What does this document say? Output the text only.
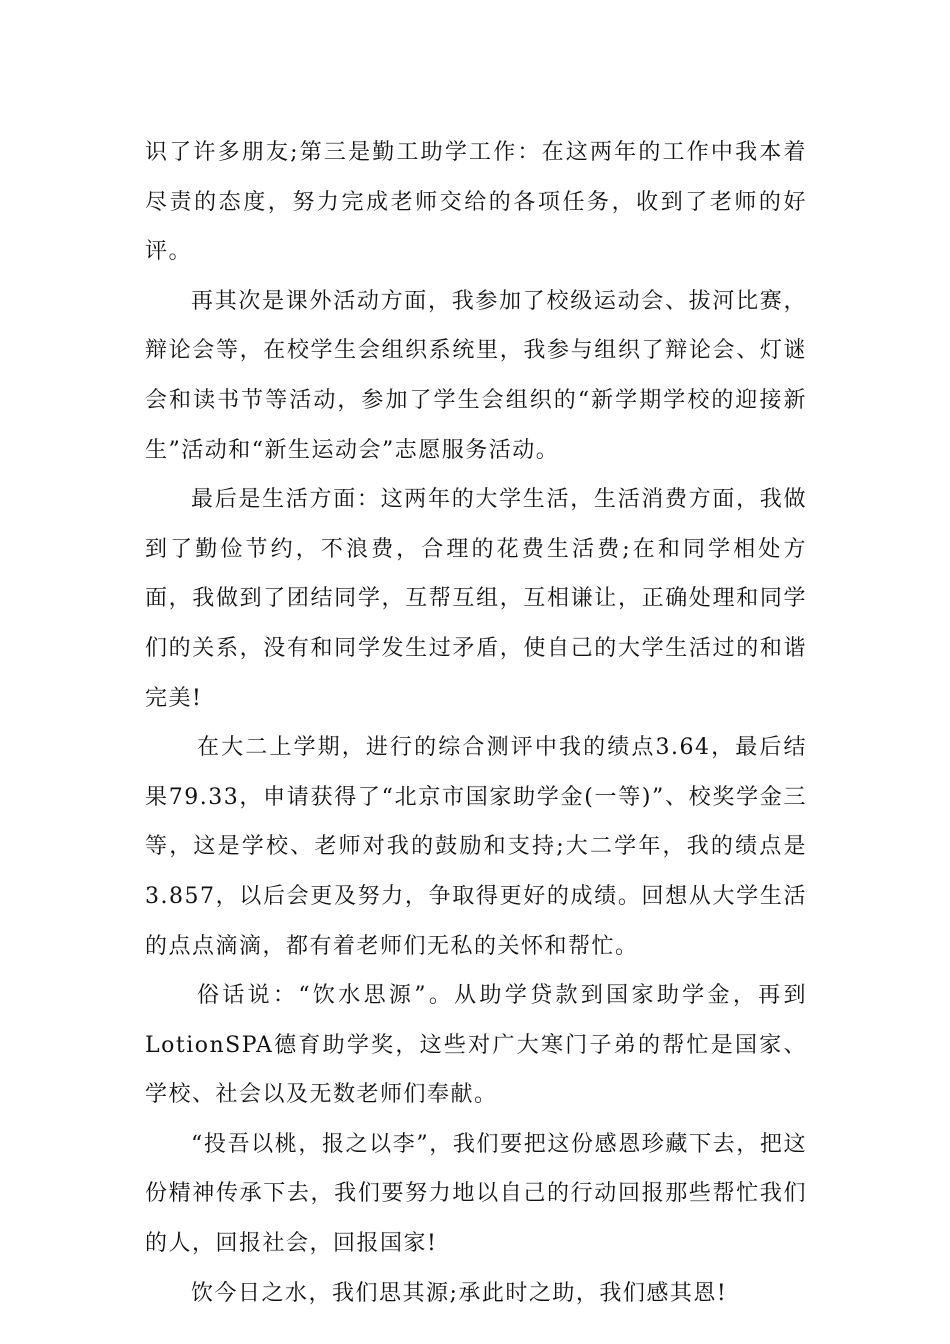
识了许多朋友;第三是勤工助学工作：在这两年的工作中我本着尽责的态度，努力完成老师交给的各项任务，收到了老师的好评。

再其次是课外活动方面，我参加了校级运动会、拔河比赛，辩论会等，在校学生会组织系统里，我参与组织了辩论会、灯谜会和读书节等活动，参加了学生会组织的“新学期学校的迎接新生”活动和“新生运动会”志愿服务活动。

最后是生活方面：这两年的大学生活，生活消费方面，我做到了勤俭节约，不浪费，合理的花费生活费;在和同学相处方面，我做到了团结同学，互帮互组，互相谦让，正确处理和同学们的关系，没有和同学发生过矛盾，使自己的大学生活过的和谐完美!

在大二上学期，进行的综合测评中我的绩点3.64，最后结果79.33，申请获得了“北京市国家助学金(一等)”、校奖学金三等，这是学校、老师对我的鼓励和支持;大二学年，我的绩点是3.857，以后会更及努力，争取得更好的成绩。回想从大学生活的点点滴滴，都有着老师们无私的关怀和帮忙。

俗话说：“饮水思源”。从助学贷款到国家助学金，再到LotionSPA德育助学奖，这些对广大寒门子弟的帮忙是国家、学校、社会以及无数老师们奉献。

“投吾以桃，报之以李”，我们要把这份感恩珍藏下去，把这份精神传承下去，我们要努力地以自己的行动回报那些帮忙我们的人，回报社会，回报国家!

饮今日之水，我们思其源;承此时之助，我们感其恩!
